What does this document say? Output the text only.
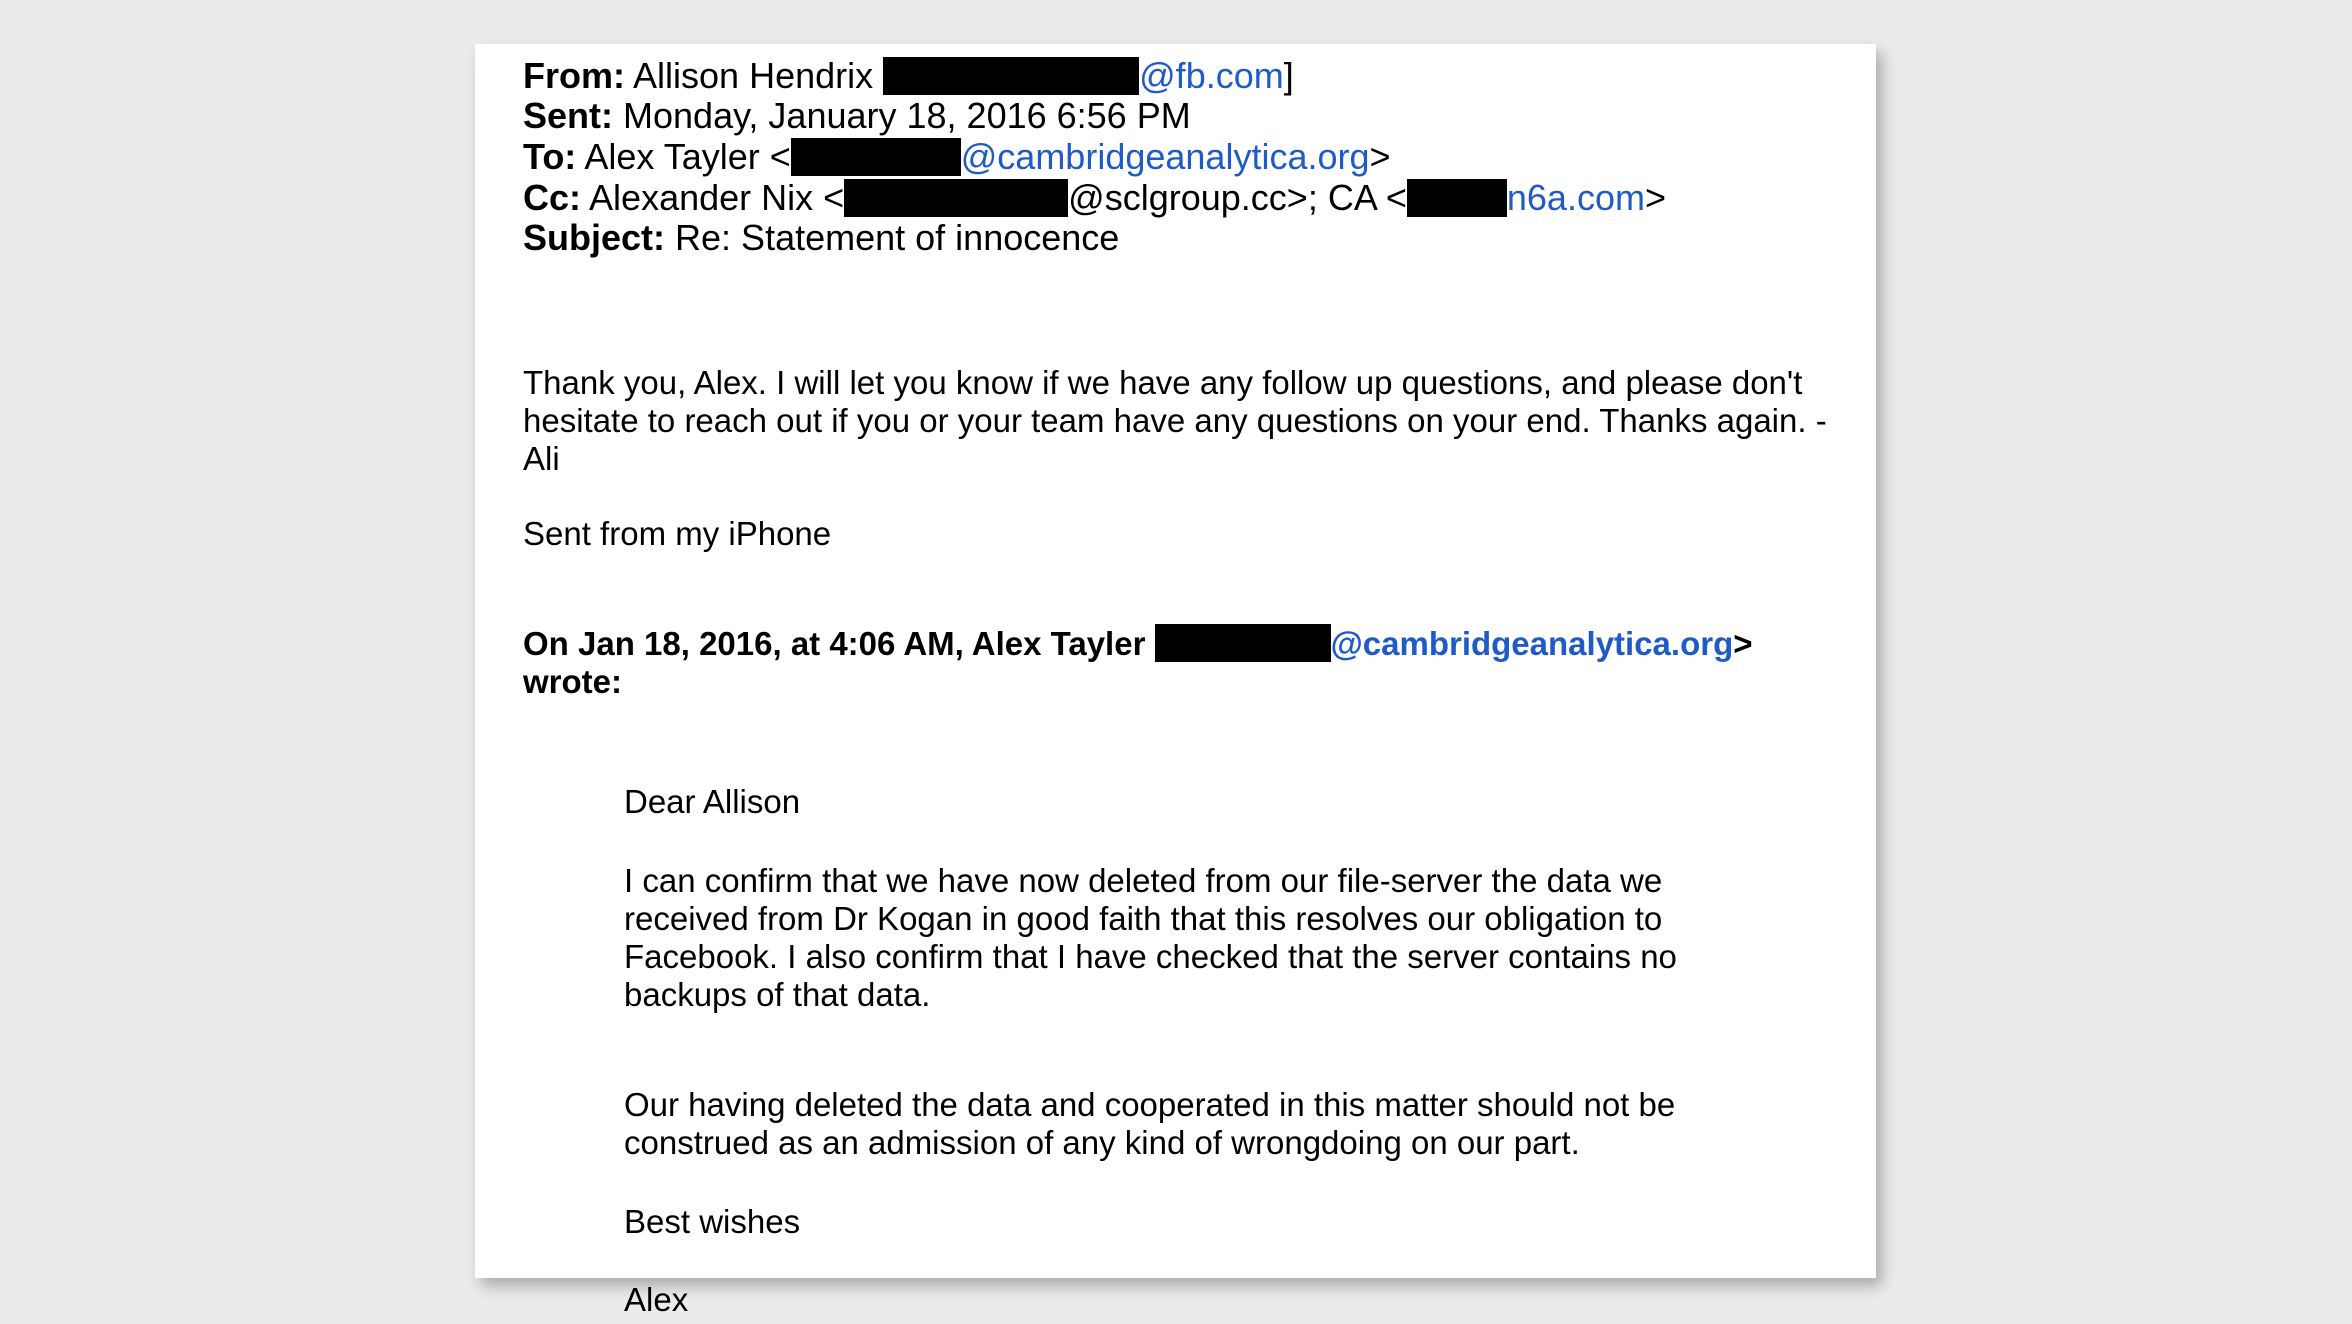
From: Allison Hendrix	@fb.com]
Sent: Monday, January 18, 2016 6:56 PM
To: Alex Tayler <	@cambridgeanalytica.org>
Cc: Alexander Nix <	@sclgroup.cc>; CA <	n6a.com>
Subject: Re: Statement of innocence
Thank you, Alex. I will let you know if we have any follow up questions, and please don't
hesitate to reach out if you or your team have any questions on your end. Thanks again. -
Ali
Sent from my iPhone
On Jan 18, 2016, at 4:06 AM, Alex Tayler	@cambridgeanalytica.org>
wrote:
Dear Allison
I can confirm that we have now deleted from our file-server the data we
received from Dr Kogan in good faith that this resolves our obligation to
Facebook. I also confirm that I have checked that the server contains no
backups of that data.
Our having deleted the data and cooperated in this matter should not be
construed as an admission of any kind of wrongdoing on our part.
Best wishes
Alex
